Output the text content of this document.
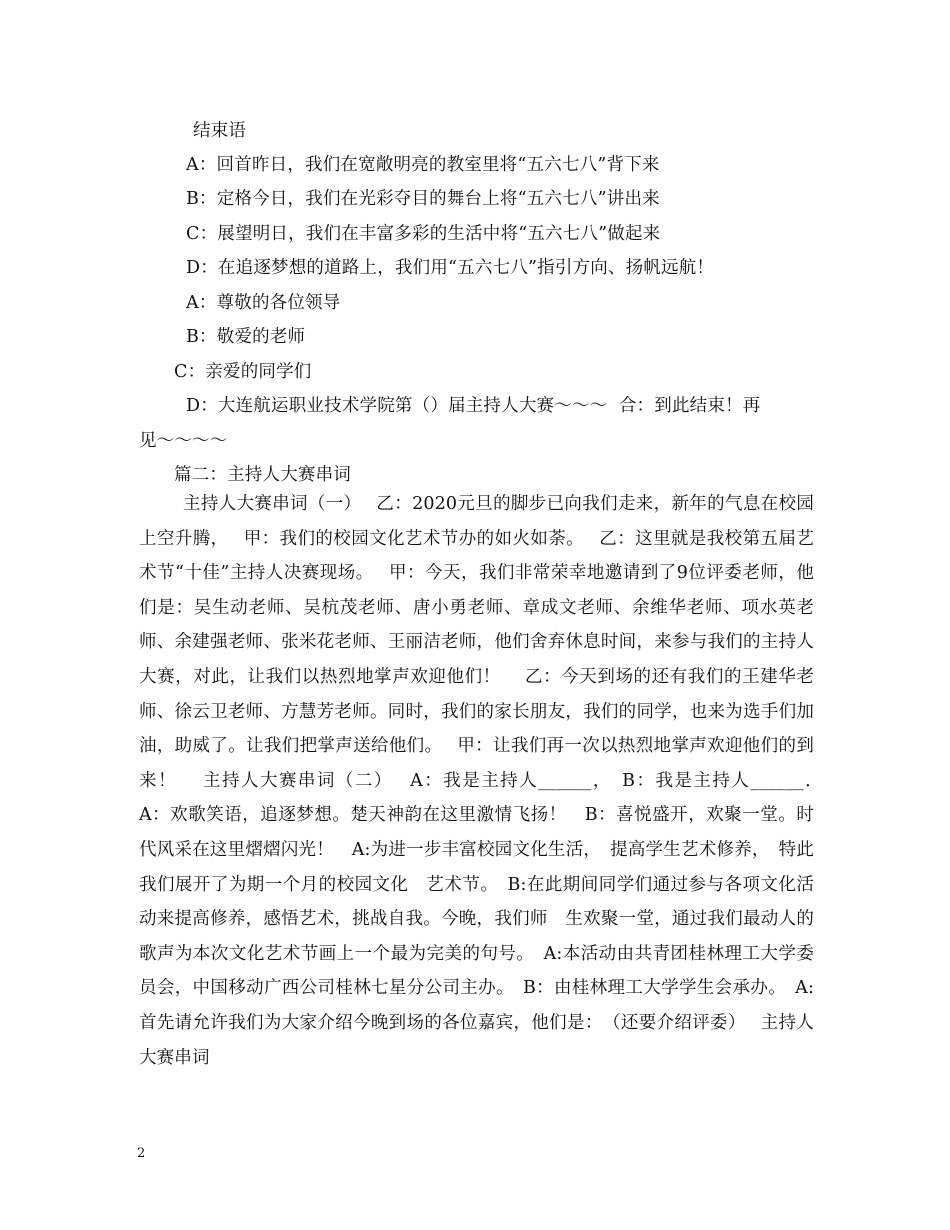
结束语
A：回首昨日，我们在宽敞明亮的教室里将“五六七八”背下来
B：定格今日，我们在光彩夺目的舞台上将“五六七八”讲出来
C：展望明日，我们在丰富多彩的生活中将“五六七八”做起来
D：在追逐梦想的道路上，我们用“五六七八”指引方向、扬帆远航！
A：尊敬的各位领导
B：敬爱的老师
C：亲爱的同学们
D：大连航运职业技术学院第（）届主持人大赛～～～  合：到此结束！再
见～～～～
篇二：主持人大赛串词
主持人大赛串词（一）　 乙：2020元旦的脚步已向我们走来，新年的气息在校园上空升腾，　 甲：我们的校园文化艺术节办的如火如荼。　 乙：这里就是我校第五届艺术节“十佳”主持人决赛现场。　 甲：今天，我们非常荣幸地邀请到了9位评委老师，他们是：吴生动老师、吴杭茂老师、唐小勇老师、章成文老师、余维华老师、项水英老师、余建强老师、张米花老师、王丽洁老师，他们舍弃休息时间，来参与我们的主持人大赛，对此，让我们以热烈地掌声欢迎他们！　 乙：今天到场的还有我们的王建华老师、徐云卫老师、方慧芳老师。同时，我们的家长朋友，我们的同学，也来为选手们加油，助威了。让我们把掌声送给他们。　 甲：让我们再一次以热烈地掌声欢迎他们的到来！　 主持人大赛串词（二）　 A：我是主持人______，　B：我是主持人______．　A：欢歌笑语，追逐梦想。楚天神韵在这里激情飞扬！　B：喜悦盛开，欢聚一堂。时代风采在这里熠熠闪光！　A:为进一步丰富校园文化生活，　提高学生艺术修养，　特此我们展开了为期一个月的校园文化　艺术节。　B:在此期间同学们通过参与各项文化活动来提高修养，感悟艺术，挑战自我。今晚，我们师　生欢聚一堂，通过我们最动人的歌声为本次文化艺术节画上一个最为完美的句号。　A:本活动由共青团桂林理工大学委员会，中国移动广西公司桂林七星分公司主办。　B：由桂林理工大学学生会承办。　A:首先请允许我们为大家介绍今晚到场的各位嘉宾，他们是：　（还要介绍评委）　 主持人大赛串词
2
